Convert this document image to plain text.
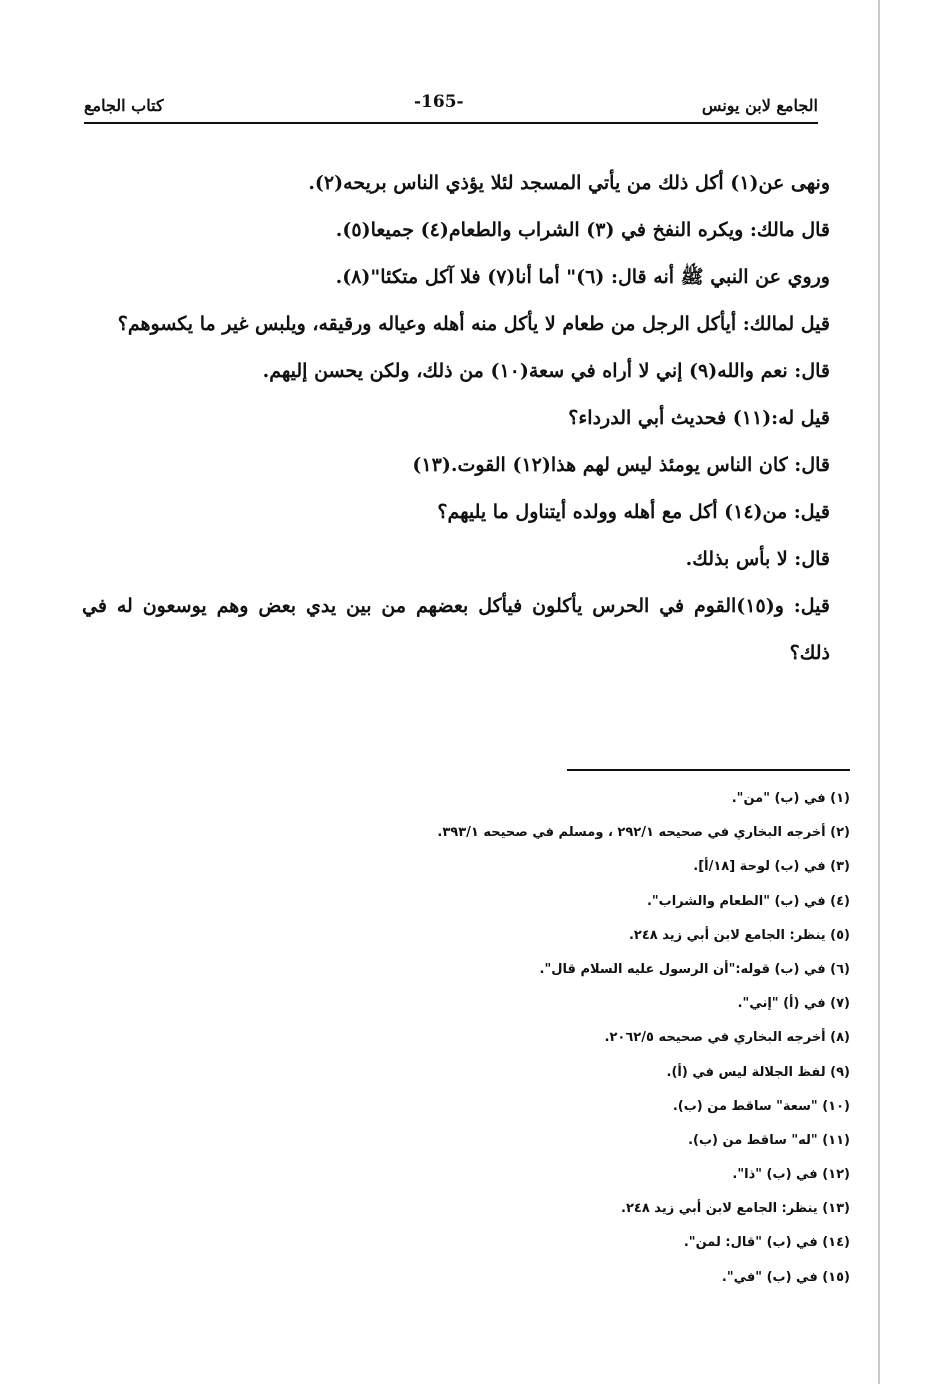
الجامع لابن يونس
-165-
كتاب الجامع
ونهى عن(١) أكل ذلك من يأتي المسجد لئلا يؤذي الناس بريحه(٢).
قال مالك: ويكره النفخ في (٣) الشراب والطعام(٤) جميعا(٥).
وروي عن النبي ﷺ أنه قال: (٦)" أما أنا(٧) فلا آكل متكئا"(٨).
قيل لمالك: أيأكل الرجل من طعام لا يأكل منه أهله وعياله ورقيقه، ويلبس غير ما يكسوهم؟
قال: نعم والله(٩) إني لا أراه في سعة(١٠) من ذلك، ولكن يحسن إليهم.
قيل له:(١١) فحديث أبي الدرداء؟
قال: كان الناس يومئذ ليس لهم هذا(١٢) القوت.(١٣)
قيل: من(١٤) أكل مع أهله وولده أيتناول ما يليهم؟
قال: لا بأس بذلك.
قيل: و(١٥)القوم في الحرس يأكلون فيأكل بعضهم من بين يدي بعض وهم يوسعون له في ذلك؟
(١) في (ب) "من".
(٢) أخرجه البخاري في صحيحه ٢٩٢/١ ، ومسلم في صحيحه ٣٩٣/١.
(٣) في (ب) لوحة [١٨/أ].
(٤) في (ب) "الطعام والشراب".
(٥) ينظر: الجامع لابن أبي زيد ٢٤٨.
(٦) في (ب) قوله:"أن الرسول عليه السلام قال".
(٧) في (أ) "إني".
(٨) أخرجه البخاري في صحيحه ٢٠٦٢/٥.
(٩) لفظ الجلالة ليس في (أ).
(١٠) "سعة" ساقط من (ب).
(١١) "له" ساقط من (ب).
(١٢) في (ب) "ذا".
(١٣) ينظر: الجامع لابن أبي زيد ٢٤٨.
(١٤) في (ب) "قال: لمن".
(١٥) في (ب) "في".
